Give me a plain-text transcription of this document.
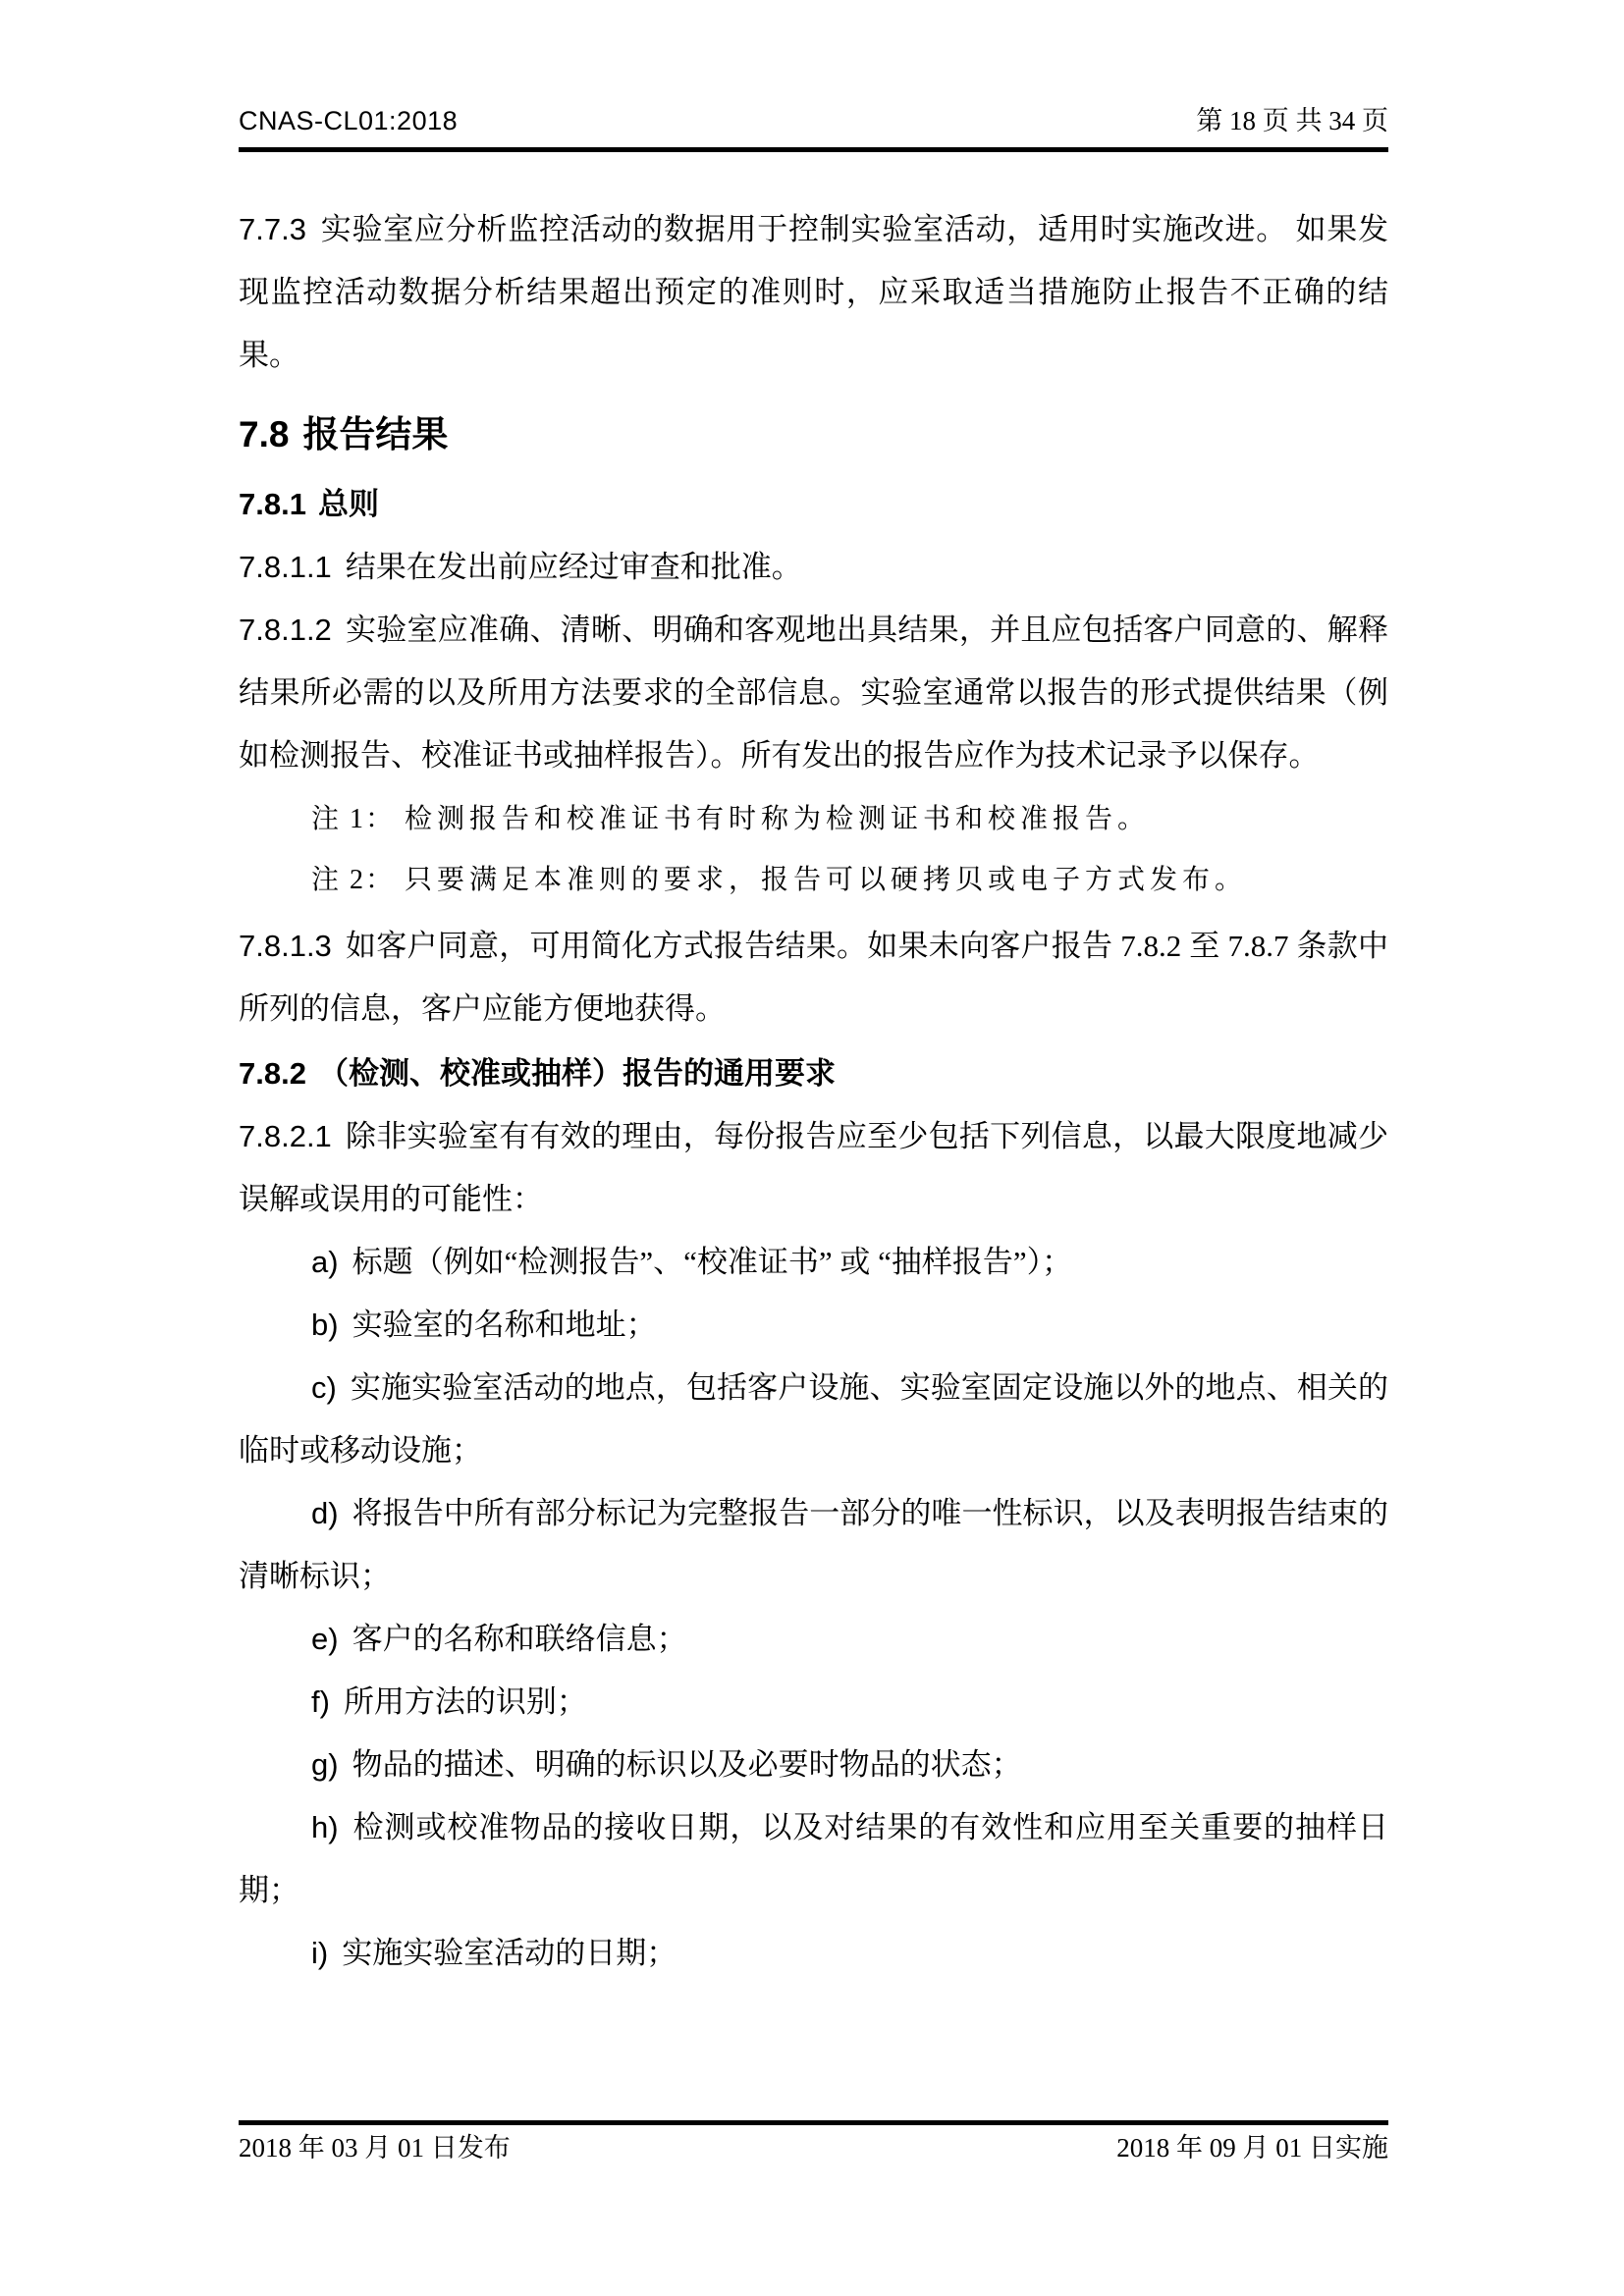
CNAS-CL01:2018	第 18 页 共 34 页

7.7.3 实验室应分析监控活动的数据用于控制实验室活动，适用时实施改进。 如果发现监控活动数据分析结果超出预定的准则时，应采取适当措施防止报告不正确的结果。

7.8 报告结果
7.8.1 总则

7.8.1.1 结果在发出前应经过审查和批准。

7.8.1.2 实验室应准确、清晰、明确和客观地出具结果，并且应包括客户同意的、解释结果所必需的以及所用方法要求的全部信息。实验室通常以报告的形式提供结果（例如检测报告、校准证书或抽样报告）。所有发出的报告应作为技术记录予以保存。

注 1： 检测报告和校准证书有时称为检测证书和校准报告。

注 2： 只要满足本准则的要求，报告可以硬拷贝或电子方式发布。

7.8.1.3 如客户同意，可用简化方式报告结果。如果未向客户报告 7.8.2 至 7.8.7 条款中所列的信息，客户应能方便地获得。

7.8.2 （检测、校准或抽样）报告的通用要求

7.8.2.1 除非实验室有有效的理由，每份报告应至少包括下列信息，以最大限度地减少误解或误用的可能性：

a) 标题（例如“检测报告”、“校准证书” 或 “抽样报告”）；

b) 实验室的名称和地址；

c) 实施实验室活动的地点，包括客户设施、实验室固定设施以外的地点、相关的临时或移动设施；

d) 将报告中所有部分标记为完整报告一部分的唯一性标识，以及表明报告结束的清晰标识；

e) 客户的名称和联络信息；

f) 所用方法的识别；

g) 物品的描述、明确的标识以及必要时物品的状态；

h) 检测或校准物品的接收日期，以及对结果的有效性和应用至关重要的抽样日期；

i) 实施实验室活动的日期；

2018 年 03 月 01 日发布	2018 年 09 月 01 日实施
